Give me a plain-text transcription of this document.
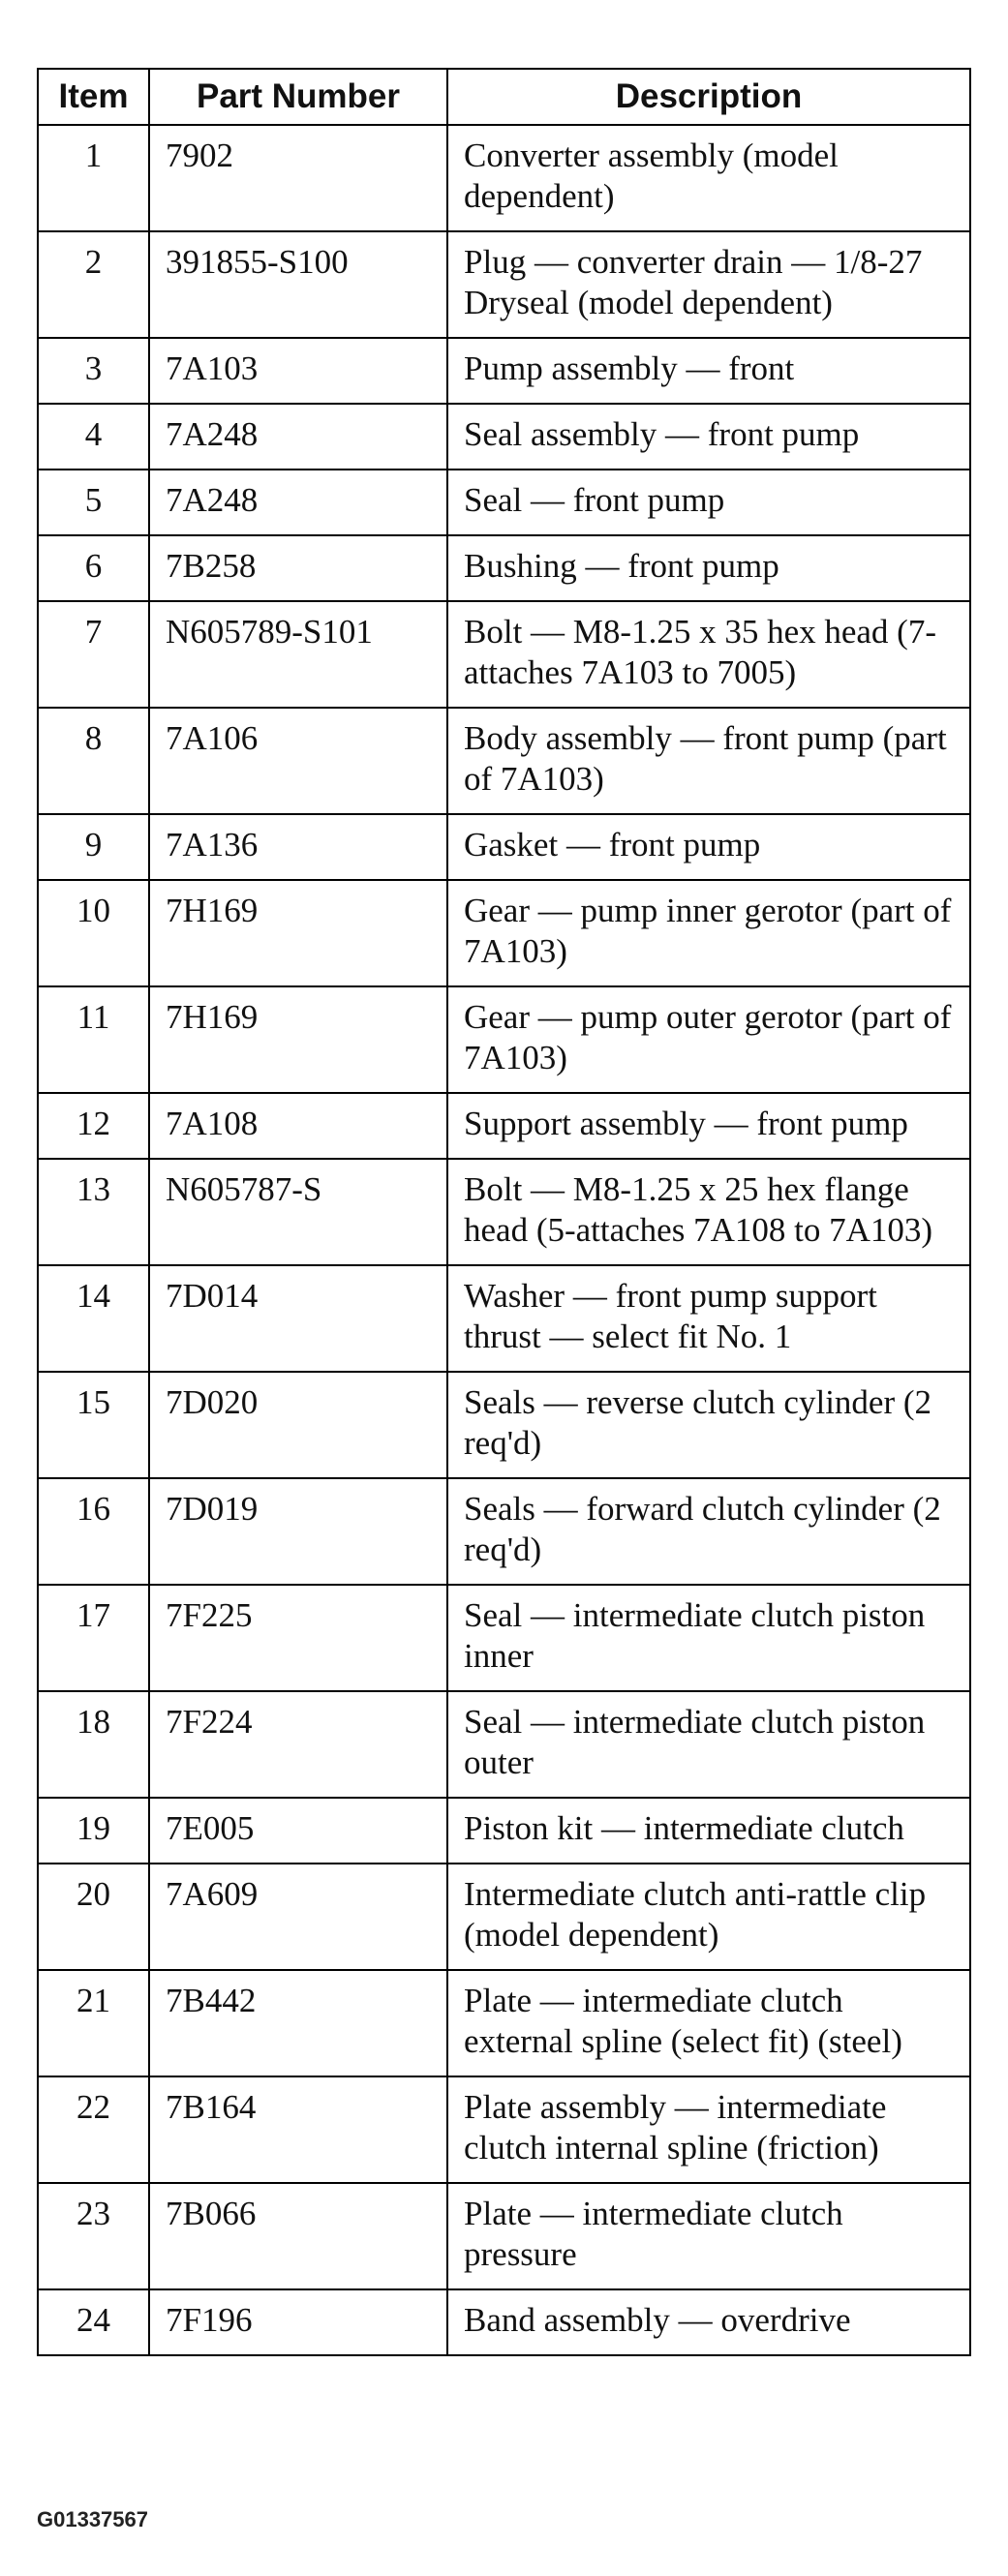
Item	Part Number	Description
1	7902	Converter assembly (model dependent)
2	391855-S100	Plug — converter drain — 1/8-27 Dryseal (model dependent)
3	7A103	Pump assembly — front
4	7A248	Seal assembly — front pump
5	7A248	Seal — front pump
6	7B258	Bushing — front pump
7	N605789-S101	Bolt — M8-1.25 x 35 hex head (7-attaches 7A103 to 7005)
8	7A106	Body assembly — front pump (part of 7A103)
9	7A136	Gasket — front pump
10	7H169	Gear — pump inner gerotor (part of 7A103)
11	7H169	Gear — pump outer gerotor (part of 7A103)
12	7A108	Support assembly — front pump
13	N605787-S	Bolt — M8-1.25 x 25 hex flange head (5-attaches 7A108 to 7A103)
14	7D014	Washer — front pump support thrust — select fit No. 1
15	7D020	Seals — reverse clutch cylinder (2 req'd)
16	7D019	Seals — forward clutch cylinder (2 req'd)
17	7F225	Seal — intermediate clutch piston inner
18	7F224	Seal — intermediate clutch piston outer
19	7E005	Piston kit — intermediate clutch
20	7A609	Intermediate clutch anti-rattle clip (model dependent)
21	7B442	Plate — intermediate clutch external spline (select fit) (steel)
22	7B164	Plate assembly — intermediate clutch internal spline (friction)
23	7B066	Plate — intermediate clutch pressure
24	7F196	Band assembly — overdrive
G01337567
